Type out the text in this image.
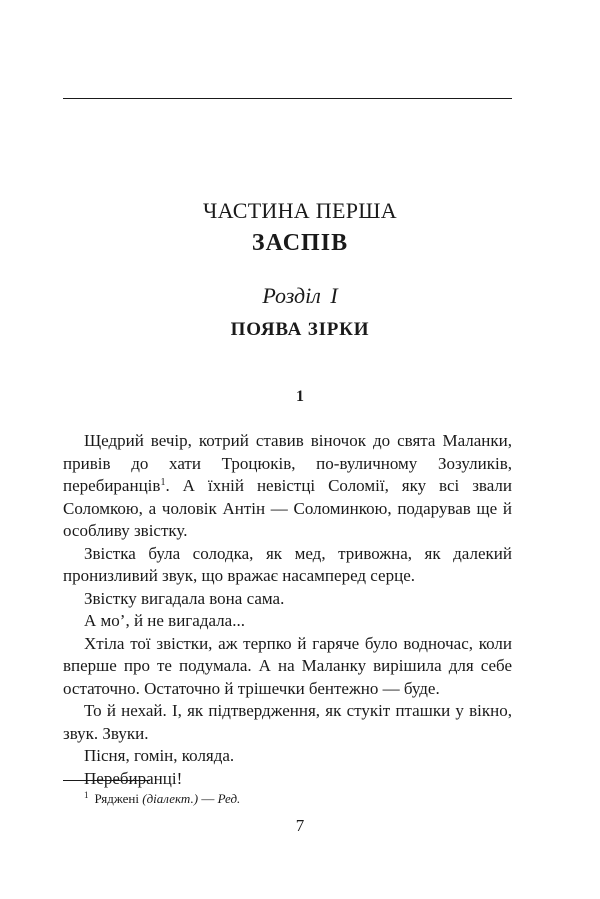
ЧАСТИНА ПЕРША
ЗАСПІВ
Розділ І
ПОЯВА ЗІРКИ
1

Щедрий вечір, котрий ставив віночок до свята Маланки, привів до хати Троцюків, по-вуличному Зозуликів, перебиранців$^1$. А їхній невістці Соломії, яку всі звали Соломкою, а чоловік Антін — Соломинкою, подарував ще й особливу звістку.

Звістка була солодка, як мед, тривожна, як далекий пронизливий звук, що вражає насамперед серце.

Звістку вигадала вона сама.

А мо’, й не вигадала...

Хтіла тої звістки, аж терпко й гаряче було водночас, коли вперше про те подумала. А на Маланку вирішила для себе остаточно. Остаточно й трішечки бентежно — буде.

То й нехай. І, як підтвердження, як стукіт пташки у вікно, звук. Звуки.

Пісня, гомін, коляда.

Перебиранці!

$^1$ Ряджені (діалект.) — Ред.
7
